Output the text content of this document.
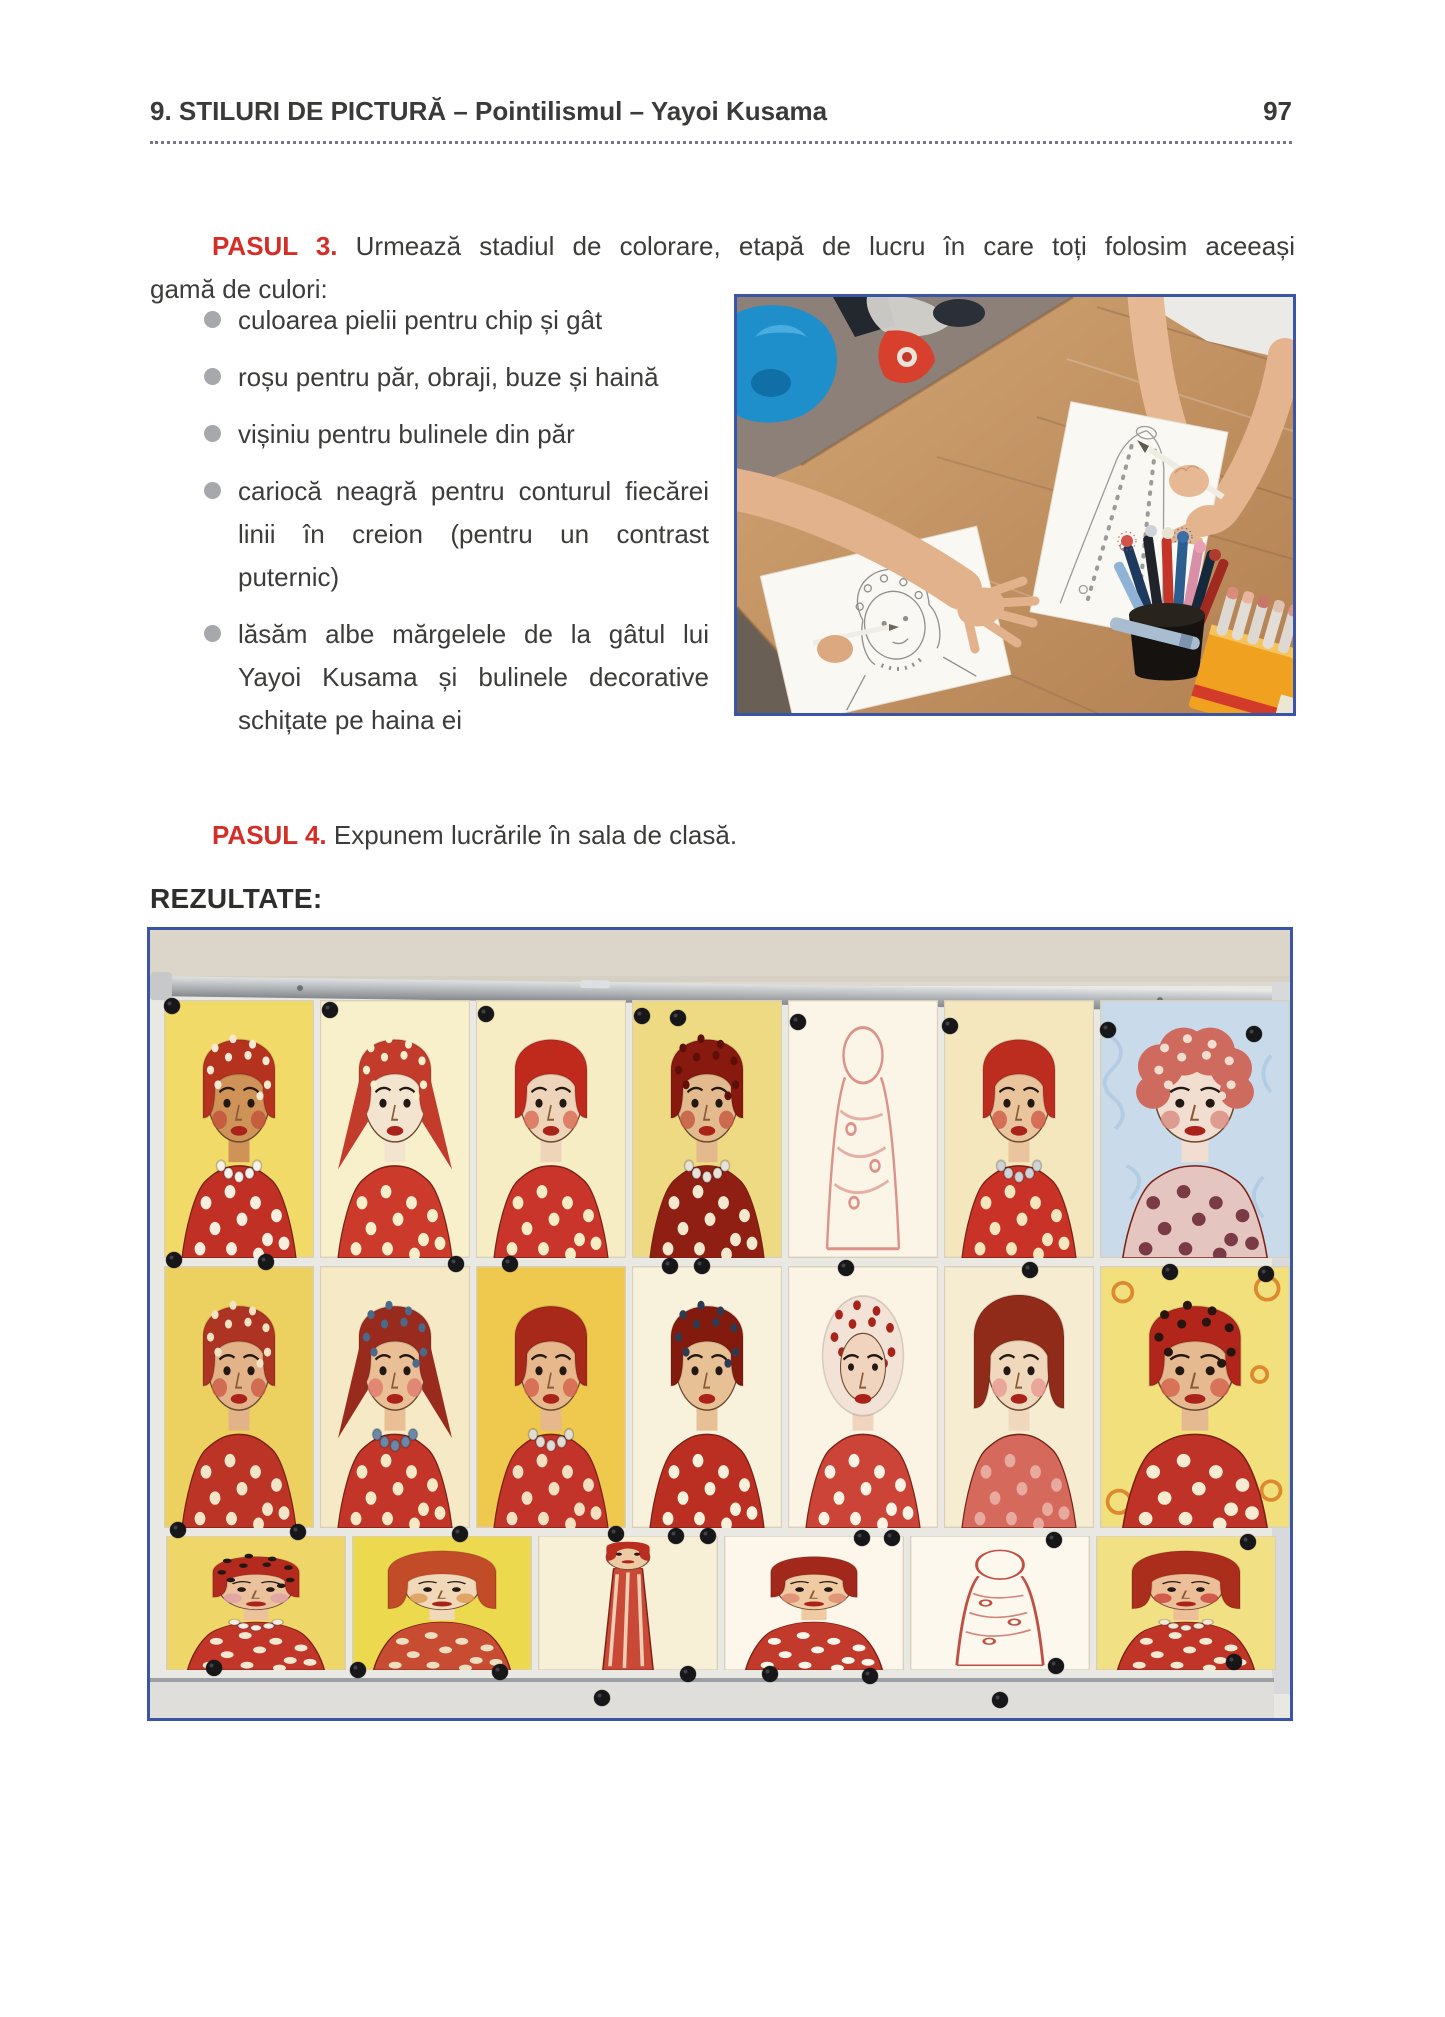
9. STILURI DE PICTURĂ – Pointilismul – Yayoi Kusama	97

PASUL 3. Urmează stadiul de colorare, etapă de lucru în care toți folosim aceeași
gamă de culori:

culoarea pielii pentru chip și gât
roșu pentru păr, obraji, buze și haină
vișiniu pentru bulinele din păr
cariocă neagră pentru conturul fiecărei linii în creion (pentru un contrast puternic)
lăsăm albe mărgelele de la gâtul lui Yayoi Kusama și bulinele decorative schițate pe haina ei

PASUL 4. Expunem lucrările în sala de clasă.

REZULTATE:
